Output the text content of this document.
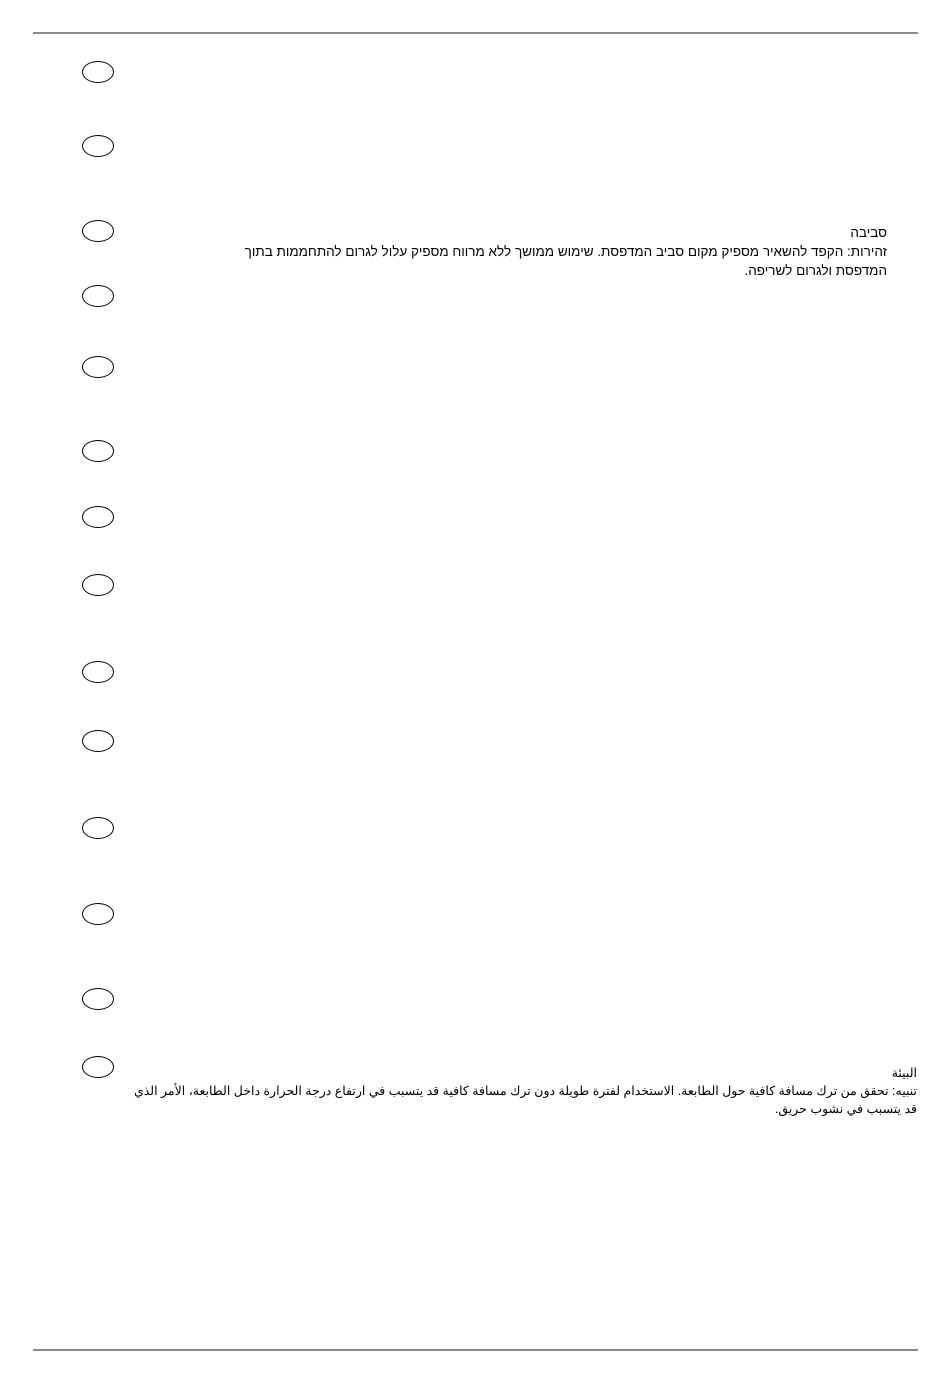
סביבה
זהירות: הקפד להשאיר מספיק מקום סביב המדפסת. שימוש ממושך ללא מרווח מספיק עלול לגרום להתחממות בתוך
המדפסת ולגרום לשריפה.
البيئة
تنبيه: تحقق من ترك مسافة كافية حول الطابعة. الاستخدام لفترة طويلة دون ترك مسافة كافية قد يتسبب في ارتفاع درجة الحرارة داخل الطابعة، الأمر الذي
قد يتسبب في نشوب حريق.
